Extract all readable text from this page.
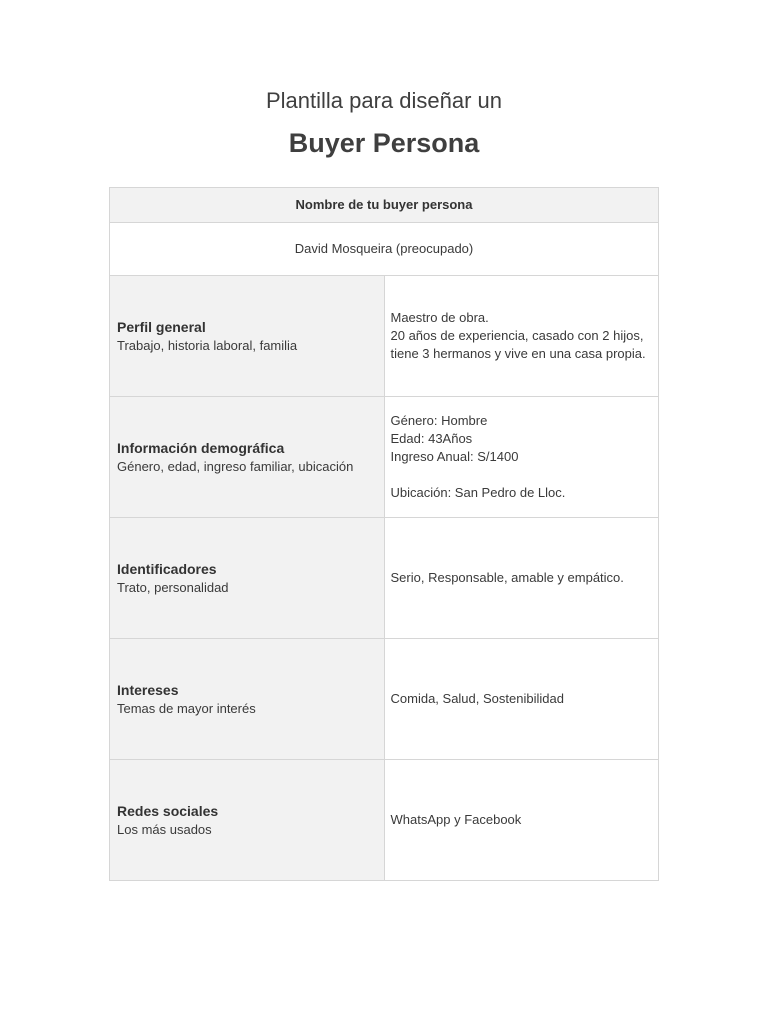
Plantilla para diseñar un
Buyer Persona
Nombre de tu buyer persona	
David Mosqueira (preocupado)	

Perfil general
Trabajo, historia laboral, familia	Maestro de obra.
20 años de experiencia, casado con 2 hijos, tiene 3 hermanos y vive en una casa propia.

Información demográfica
Género, edad, ingreso familiar, ubicación	Género: Hombre
Edad: 43Años
Ingreso Anual: S/1400
Ubicación: San Pedro de Lloc.

Identificadores
Trato, personalidad	Serio, Responsable, amable y empático.

Intereses
Temas de mayor interés	Comida, Salud, Sostenibilidad

Redes sociales
Los más usados	WhatsApp y Facebook
